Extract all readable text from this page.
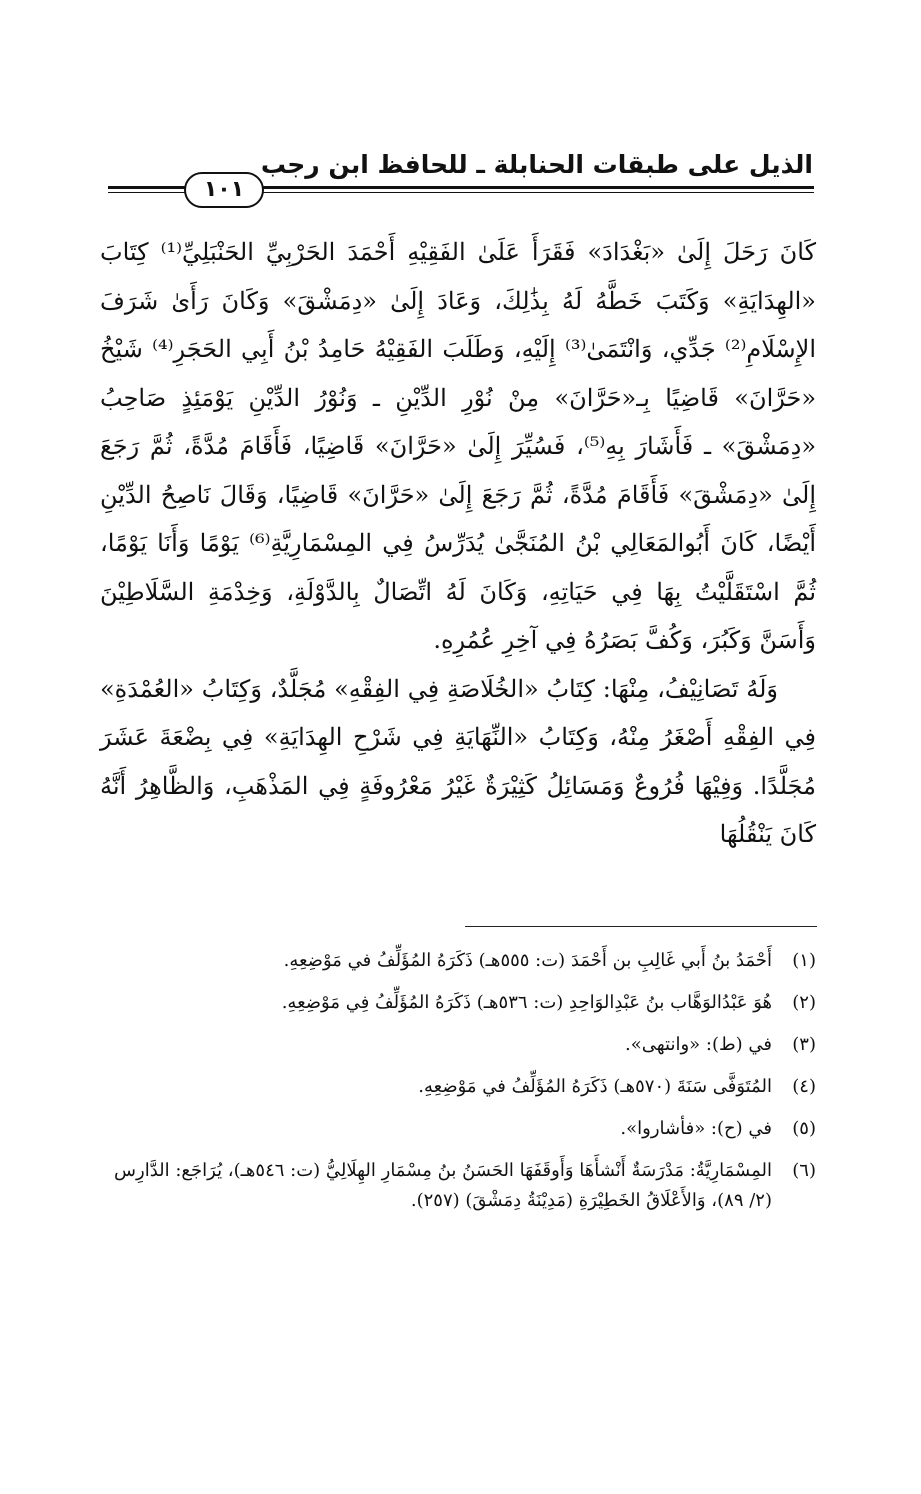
الذيل على طبقات الحنابلة ـ للحافظ ابن رجب
١٠١

كَانَ رَحَلَ إِلَىٰ «بَغْدَادَ» فَقَرَأَ عَلَىٰ الفَقِيْهِ أَحْمَدَ الحَرْبِيِّ الحَنْبَلِيِّ⁽¹⁾ كِتَابَ «الهِدَايَةِ» وَكَتَبَ خَطَّهُ لَهُ بِذَٰلِكَ، وَعَادَ إِلَىٰ «دِمَشْقَ» وَكَانَ رَأَىٰ شَرَفَ الإِسْلَامِ⁽²⁾ جَدِّي، وَانْتَمَىٰ⁽³⁾ إِلَيْهِ، وَطَلَبَ الفَقِيْهُ حَامِدُ بْنُ أَبِي الحَجَرِ⁽⁴⁾ شَيْخُ «حَرَّانَ» قَاضِيًا بِـ«حَرَّانَ» مِنْ نُوْرِ الدِّيْنِ ـ وَنُوْرُ الدِّيْنِ يَوْمَئِذٍ صَاحِبُ «دِمَشْقَ» ـ فَأَشَارَ بِهِ⁽⁵⁾، فَسُيِّرَ إِلَىٰ «حَرَّانَ» قَاضِيًا، فَأَقَامَ مُدَّةً، ثُمَّ رَجَعَ إِلَىٰ «دِمَشْقَ» فَأَقَامَ مُدَّةً، ثُمَّ رَجَعَ إِلَىٰ «حَرَّانَ» قَاضِيًا، وَقَالَ نَاصِحُ الدِّيْنِ أَيْضًا، كَانَ أَبُوالمَعَالِي بْنُ المُنَجَّىٰ يُدَرِّسُ فِي المِسْمَارِيَّةِ⁽⁶⁾ يَوْمًا وَأَنَا يَوْمًا، ثُمَّ اسْتَقَلَّيْتُ بِهَا فِي حَيَاتِهِ، وَكَانَ لَهُ اتِّصَالٌ بِالدَّوْلَةِ، وَخِدْمَةِ السَّلَاطِيْنَ وَأَسَنَّ وَكَبُرَ، وَكُفَّ بَصَرُهُ فِي آخِرِ عُمُرِهِ.

وَلَهُ تَصَانِيْفُ، مِنْهَا: كِتَابُ «الخُلَاصَةِ فِي الفِقْهِ» مُجَلَّدٌ، وَكِتَابُ «العُمْدَةِ» فِي الفِقْهِ أَصْغَرُ مِنْهُ، وَكِتَابُ «النِّهَايَةِ فِي شَرْحِ الهِدَايَةِ» فِي بِضْعَةَ عَشَرَ مُجَلَّدًا. وَفِيْهَا فُرُوعٌ وَمَسَائِلُ كَثِيْرَةٌ غَيْرُ مَعْرُوفَةٍ فِي المَذْهَبِ، وَالظَّاهِرُ أَنَّهُ كَانَ يَنْقُلُهَا

(١)
أَحْمَدُ بنُ أَبي غَالِبِ بن أَحْمَدَ (ت: ٥٥٥هـ) ذَكَرَهُ المُؤَلِّفُ في مَوْضِعِهِ.
(٢)
هُوَ عَبْدُالوَهَّاب بنُ عَبْدِالوَاحِدِ (ت: ٥٣٦هـ) ذَكَرَهُ المُؤَلِّفُ فِي مَوْضِعِهِ.
(٣)
في (ط): «وانتهى».
(٤)
المُتَوَفَّى سَنَةَ (٥٧٠هـ) ذَكَرَهُ المُؤَلِّفُ في مَوْضِعِهِ.
(٥)
في (ح): «فأشاروا».
(٦)
المِسْمَارِيَّةُ: مَدْرَسَةٌ أَنْشأَهَا وَأَوقَفَهَا الحَسَنُ بنُ مِسْمَارِ الهِلَالِيُّ (ت: ٥٤٦هـ)، يُرَاجَع: الدَّارِس (٢/ ٨٩)، وَالأَعْلَاقُ الخَطِيْرَةِ (مَدِيْنَةُ دِمَشْقَ) (٢٥٧).
